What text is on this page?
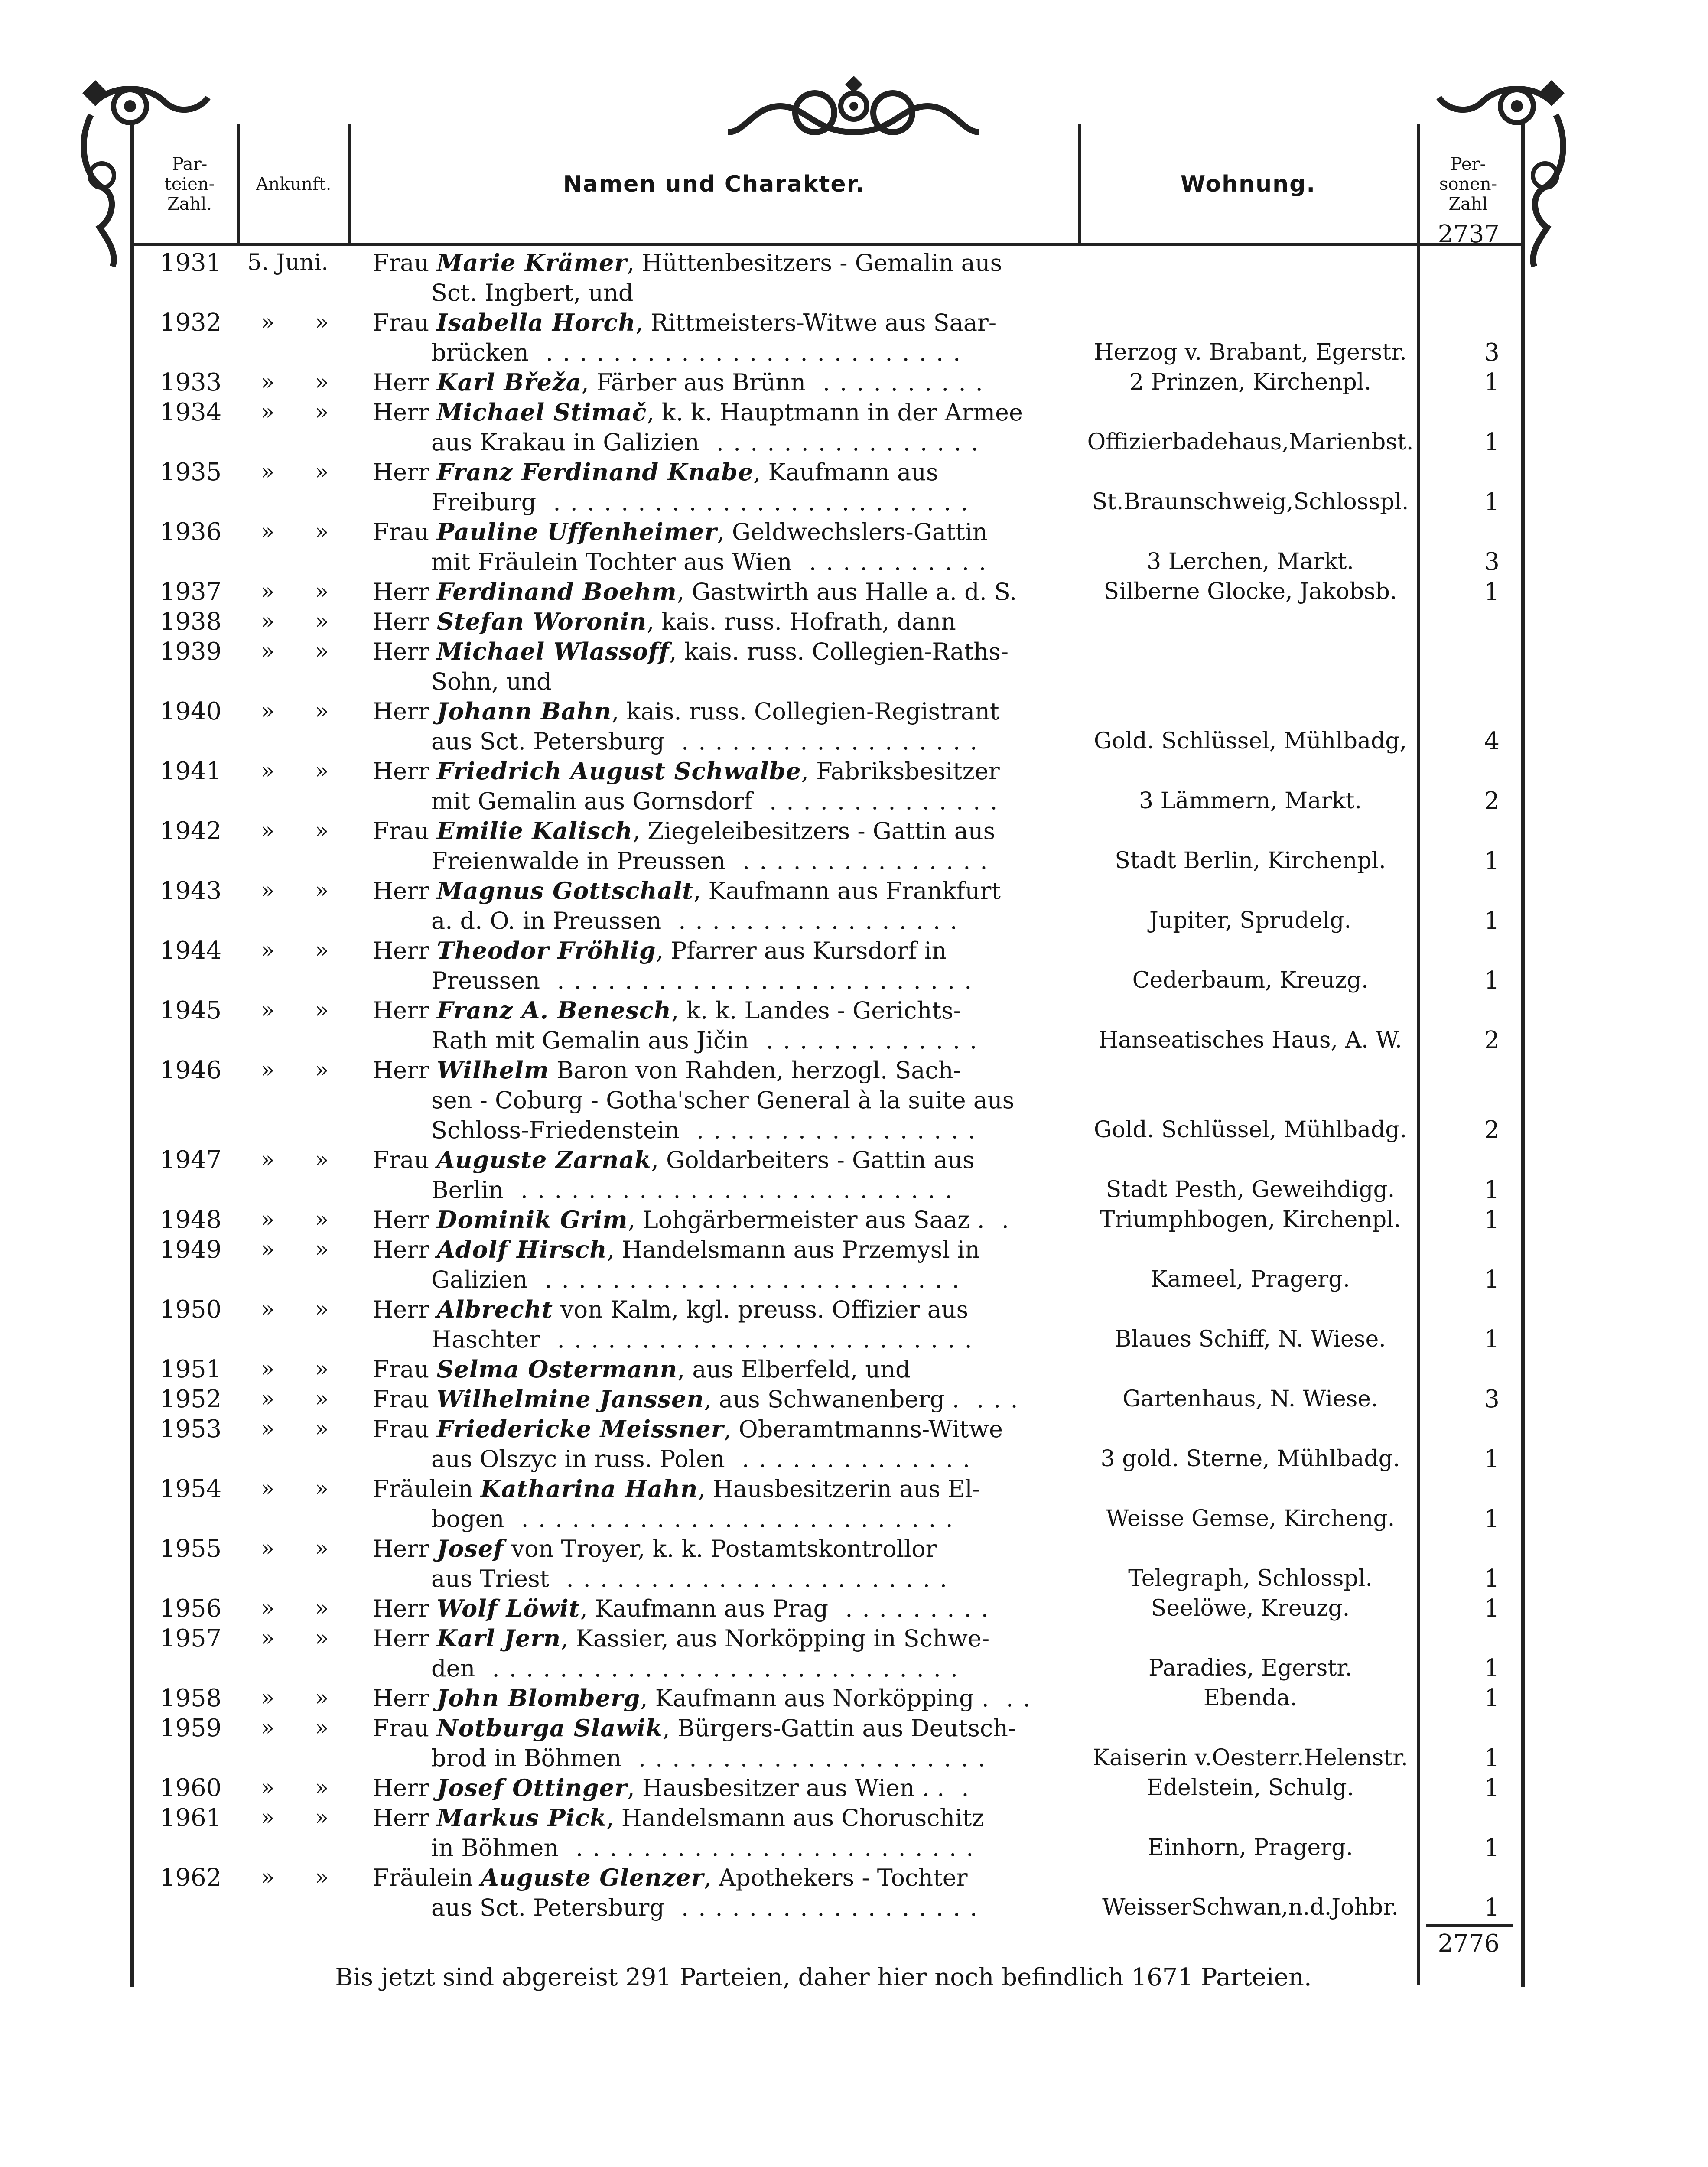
Par-
teien-
Zahl.
Ankunft.	Namen und Charakter.	Wohnung.
Per-
sonen-
Zahl
2737
1931	5. Juni. Frau Marie Krämer, Hüttenbesitzers - Gemalin aus
Sct. Ingbert, und
1932	» » Frau Isabella Horch, Rittmeisters-Witwe aus Saar-
brücken .........................	Herzog v. Brabant, Egerstr.	3
1933	» » Herr Karl Břeža, Färber aus Brünn ..........	2 Prinzen, Kirchenpl.	1
1934	» » Herr Michael Stimač, k. k. Hauptmann in der Armee
aus Krakau in Galizien ................	Offizierbadehaus,Marienbst.	1
1935	» » Herr Franz Ferdinand Knabe, Kaufmann aus
Freiburg .........................	St.Braunschweig,Schlosspl.	1
1936	» » Frau Pauline Uffenheimer, Geldwechslers-Gattin
mit Fräulein Tochter aus Wien ...........	3 Lerchen, Markt.	3
1937	» » Herr Ferdinand Boehm, Gastwirth aus Halle a. d. S.	Silberne Glocke, Jakobsb.	1
1938	» » Herr Stefan Woronin, kais. russ. Hofrath, dann
1939	» » Herr Michael Wlassoff, kais. russ. Collegien-Raths-
Sohn, und
1940	» » Herr Johann Bahn, kais. russ. Collegien-Registrant
aus Sct. Petersburg ..................	Gold. Schlüssel, Mühlbadg,	4
1941	» » Herr Friedrich August Schwalbe, Fabriksbesitzer
mit Gemalin aus Gornsdorf ..............	3 Lämmern, Markt.	2
1942	» » Frau Emilie Kalisch, Ziegeleibesitzers - Gattin aus
Freienwalde in Preussen ...............	Stadt Berlin, Kirchenpl.	1
1943	» » Herr Magnus Gottschalt, Kaufmann aus Frankfurt
a. d. O. in Preussen .................	Jupiter, Sprudelg.	1
1944	» » Herr Theodor Fröhlig, Pfarrer aus Kursdorf in
Preussen .........................	Cederbaum, Kreuzg.	1
1945	» » Herr Franz A. Benesch, k. k. Landes - Gerichts-
Rath mit Gemalin aus Jičin .............	Hanseatisches Haus, A. W.	2
1946	» » Herr Wilhelm Baron von Rahden, herzogl. Sach-
sen - Coburg - Gotha'scher General à la suite aus
Schloss-Friedenstein .................	Gold. Schlüssel, Mühlbadg.	2
1947	» » Frau Auguste Zarnak, Goldarbeiters - Gattin aus
Berlin ..........................	Stadt Pesth, Geweihdigg.	1
1948	» » Herr Dominik Grim, Lohgärbermeister aus Saaz . .	Triumphbogen, Kirchenpl.	1
1949	» » Herr Adolf Hirsch, Handelsmann aus Przemysl in
Galizien .........................	Kameel, Pragerg.	1
1950	» » Herr Albrecht von Kalm, kgl. preuss. Offizier aus
Haschter .........................	Blaues Schiff, N. Wiese.	1
1951	» » Frau Selma Ostermann, aus Elberfeld, und
1952	» » Frau Wilhelmine Janssen, aus Schwanenberg . ...	Gartenhaus, N. Wiese.	3
1953	» » Frau Friedericke Meissner, Oberamtmanns-Witwe
aus Olszyc in russ. Polen ..............	3 gold. Sterne, Mühlbadg.	1
1954	» » Fräulein Katharina Hahn, Hausbesitzerin aus El-
bogen ..........................	Weisse Gemse, Kircheng.	1
1955	» » Herr Josef von Troyer, k. k. Postamtskontrollor
aus Triest .......................	Telegraph, Schlosspl.	1
1956	» » Herr Wolf Löwit, Kaufmann aus Prag .........	Seelöwe, Kreuzg.	1
1957	» » Herr Karl Jern, Kassier, aus Norköpping in Schwe-
den ............................	Paradies, Egerstr.	1
1958	» » Herr John Blomberg, Kaufmann aus Norköpping . ..	Ebenda.	1
1959	» » Frau Notburga Slawik, Bürgers-Gattin aus Deutsch-
brod in Böhmen .....................	Kaiserin v.Oesterr.Helenstr.	1
1960	» » Herr Josef Ottinger, Hausbesitzer aus Wien . . .	Edelstein, Schulg.	1
1961	» » Herr Markus Pick, Handelsmann aus Choruschitz
in Böhmen ........................	Einhorn, Pragerg.	1
1962	» » Fräulein Auguste Glenzer, Apothekers - Tochter
aus Sct. Petersburg ..................	WeisserSchwan,n.d.Johbr.	1
2776
Bis jetzt sind abgereist 291 Parteien, daher hier noch befindlich 1671 Parteien.
